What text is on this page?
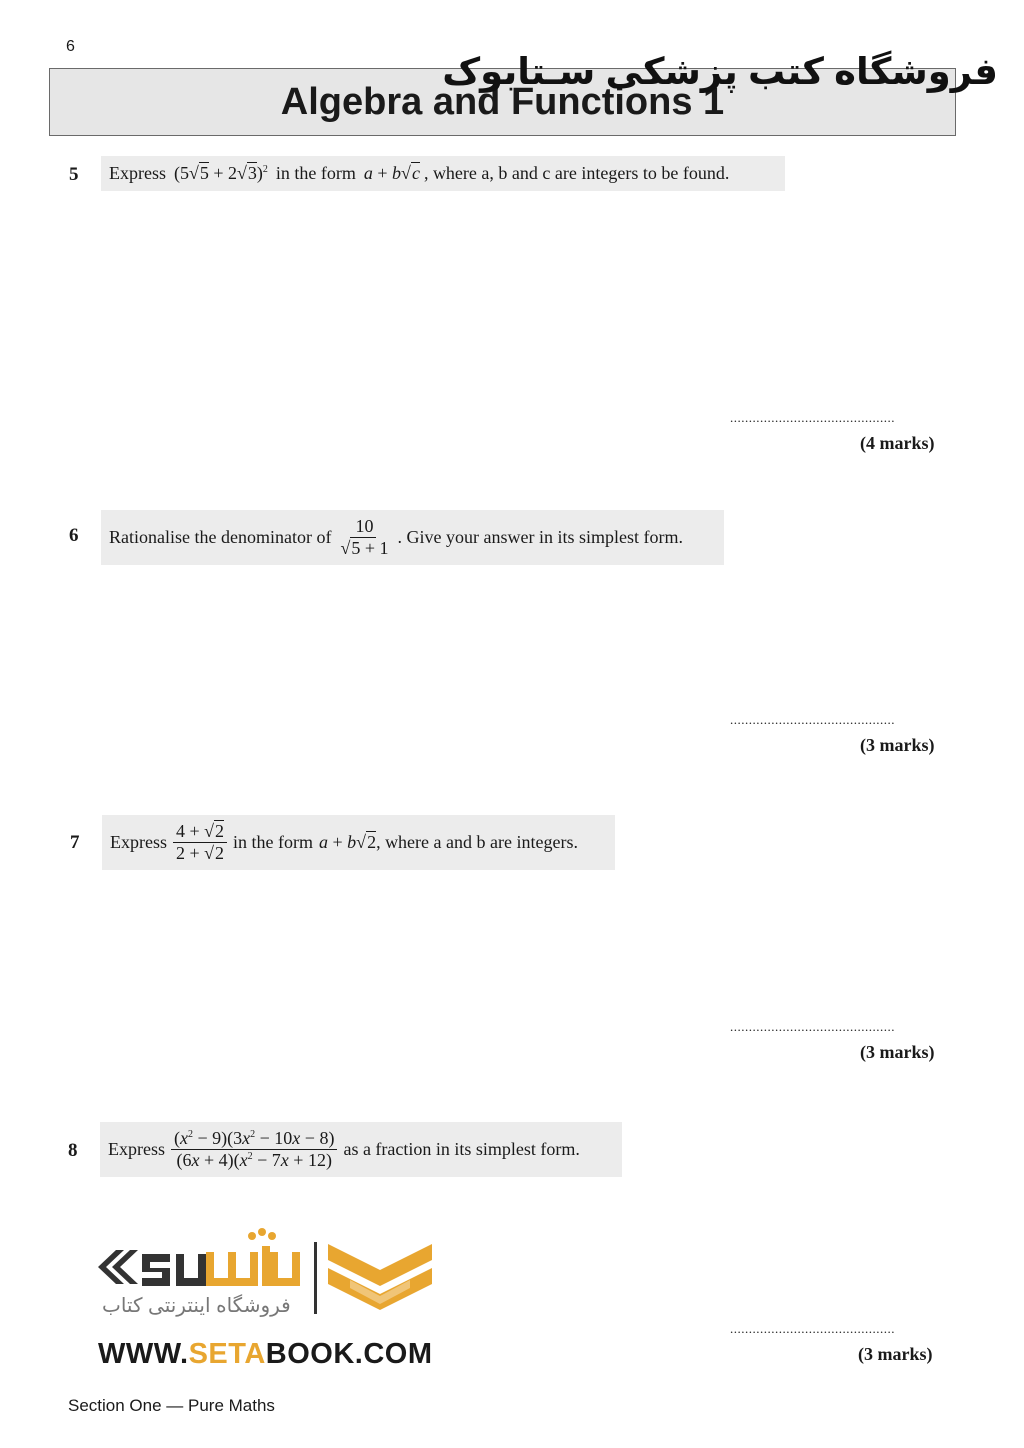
6
Algebra and Functions 1
فروشگاه کتب پزشکی سـتابوک
5 Express $(5√5 + 2√3)^2$ in the form a + b√c , where a, b and c are integers to be found.
............................................
(4 marks)
6 Rationalise the denominator of $\frac{10}{√5 + 1}$ . Give your answer in its simplest form.
............................................
(3 marks)
7 Express $\frac{4 + √2}{2 + √2}$ in the form a + b√2 , where a and b are integers.
............................................
(3 marks)
8 Express $\frac{(x^2 - 9)(3x^2 - 10x - 8)}{(6x + 4)(x^2 - 7x + 12)}$ as a fraction in its simplest form.
............................................
(3 marks)
فروشگاه اینترنتی کتاب
WWW.SETABOOK.COM
Section One — Pure Maths
